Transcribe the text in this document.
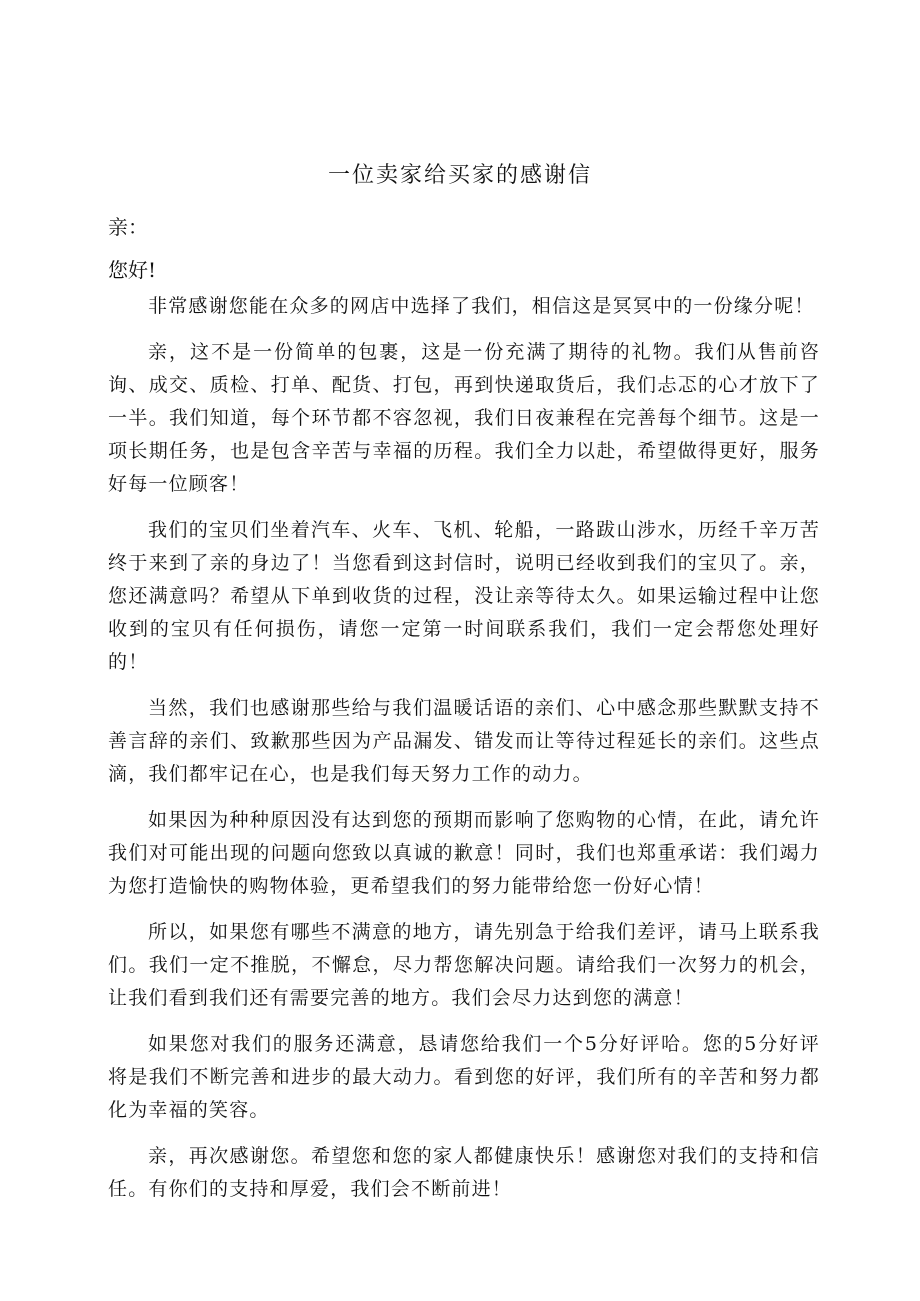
一位卖家给买家的感谢信

亲：

您好!

非常感谢您能在众多的网店中选择了我们，相信这是冥冥中的一份缘分呢！

亲，这不是一份简单的包裹，这是一份充满了期待的礼物。我们从售前咨询、成交、质检、打单、配货、打包，再到快递取货后，我们忐忑的心才放下了一半。我们知道，每个环节都不容忽视，我们日夜兼程在完善每个细节。这是一项长期任务，也是包含辛苦与幸福的历程。我们全力以赴，希望做得更好，服务好每一位顾客！

我们的宝贝们坐着汽车、火车、飞机、轮船，一路跋山涉水，历经千辛万苦终于来到了亲的身边了！当您看到这封信时，说明已经收到我们的宝贝了。亲，您还满意吗？希望从下单到收货的过程，没让亲等待太久。如果运输过程中让您收到的宝贝有任何损伤，请您一定第一时间联系我们，我们一定会帮您处理好的！

当然，我们也感谢那些给与我们温暖话语的亲们、心中感念那些默默支持不善言辞的亲们、致歉那些因为产品漏发、错发而让等待过程延长的亲们。这些点滴，我们都牢记在心，也是我们每天努力工作的动力。

如果因为种种原因没有达到您的预期而影响了您购物的心情，在此，请允许我们对可能出现的问题向您致以真诚的歉意！同时，我们也郑重承诺：我们竭力为您打造愉快的购物体验，更希望我们的努力能带给您一份好心情！

所以，如果您有哪些不满意的地方，请先别急于给我们差评，请马上联系我们。我们一定不推脱，不懈怠，尽力帮您解决问题。请给我们一次努力的机会，让我们看到我们还有需要完善的地方。我们会尽力达到您的满意！

如果您对我们的服务还满意，恳请您给我们一个5分好评哈。您的5分好评将是我们不断完善和进步的最大动力。看到您的好评，我们所有的辛苦和努力都化为幸福的笑容。

亲，再次感谢您。希望您和您的家人都健康快乐！感谢您对我们的支持和信任。有你们的支持和厚爱，我们会不断前进！
